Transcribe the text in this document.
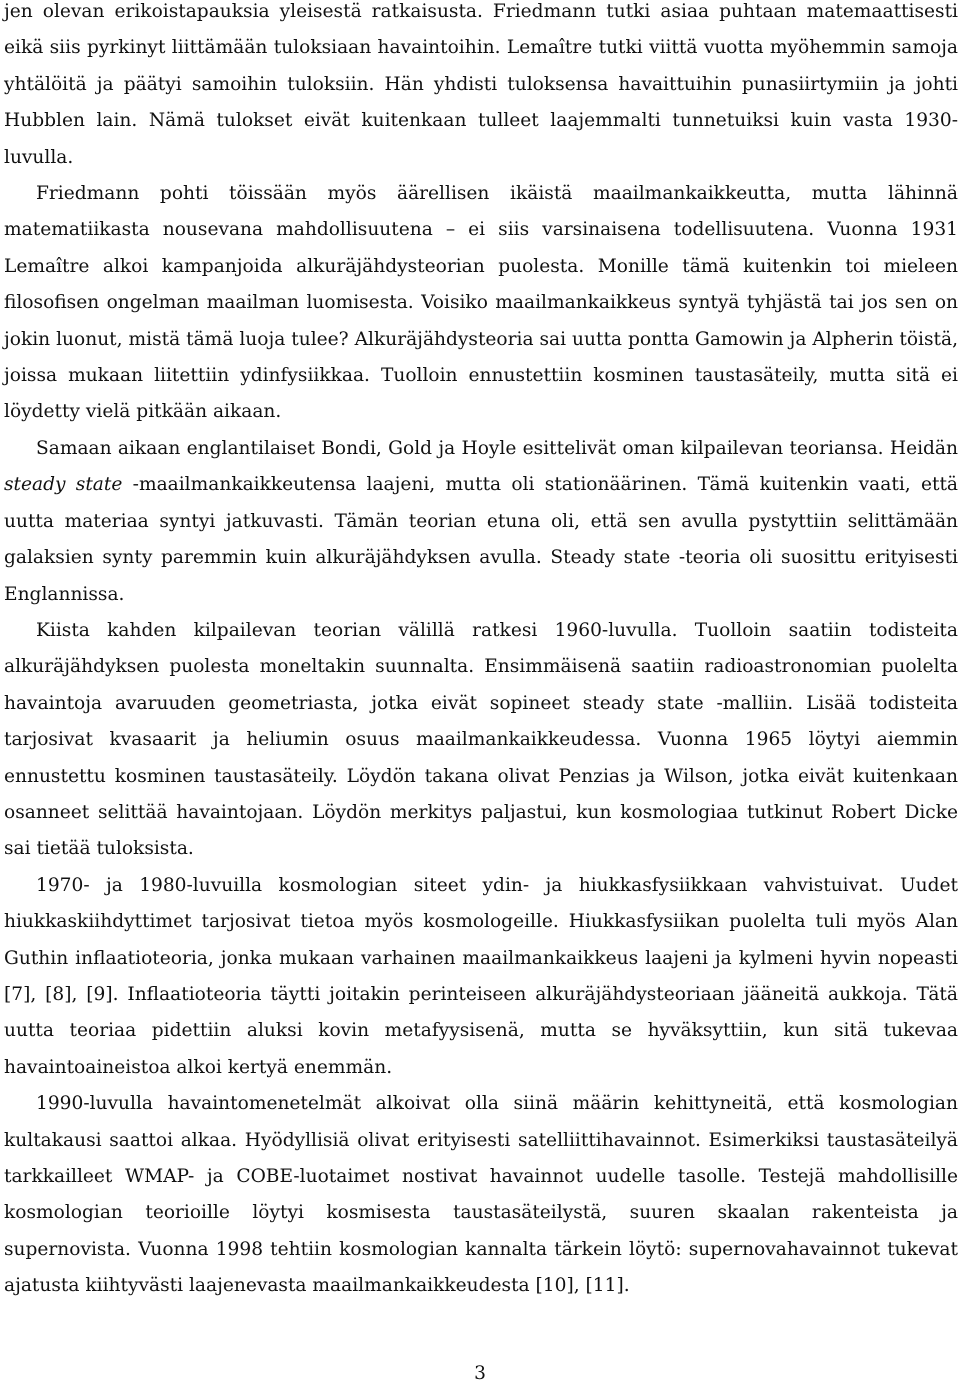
jen olevan erikoistapauksia yleisestä ratkaisusta. Friedmann tutki asiaa puhtaan matemaattisesti eikä siis pyrkinyt liittämään tuloksiaan havaintoihin. Lemaître tutki viittä vuotta myöhemmin samoja yhtälöitä ja päätyi samoihin tuloksiin. Hän yhdisti tuloksensa havaittuihin punasiirtymiin ja johti Hubblen lain. Nämä tulokset eivät kuitenkaan tulleet laajemmalti tunnetuiksi kuin vasta 1930-luvulla.

Friedmann pohti töissään myös äärellisen ikäistä maailmankaikkeutta, mutta lähinnä matematiikasta nousevana mahdollisuutena – ei siis varsinaisena todellisuutena. Vuonna 1931 Lemaître alkoi kampanjoida alkuräjähdysteorian puolesta. Monille tämä kuitenkin toi mieleen filosofisen ongelman maailman luomisesta. Voisiko maailmankaikkeus syntyä tyhjästä tai jos sen on jokin luonut, mistä tämä luoja tulee? Alkuräjähdysteoria sai uutta pontta Gamowin ja Alpherin töistä, joissa mukaan liitettiin ydinfysiikkaa. Tuolloin ennustettiin kosminen taustasäteily, mutta sitä ei löydetty vielä pitkään aikaan.

Samaan aikaan englantilaiset Bondi, Gold ja Hoyle esittelivät oman kilpailevan teoriansa. Heidän steady state -maailmankaikkeutensa laajeni, mutta oli stationäärinen. Tämä kuitenkin vaati, että uutta materiaa syntyi jatkuvasti. Tämän teorian etuna oli, että sen avulla pystyttiin selittämään galaksien synty paremmin kuin alkuräjähdyksen avulla. Steady state -teoria oli suosittu erityisesti Englannissa.

Kiista kahden kilpailevan teorian välillä ratkesi 1960-luvulla. Tuolloin saatiin todisteita alkuräjähdyksen puolesta moneltakin suunnalta. Ensimmäisenä saatiin radioastronomian puolelta havaintoja avaruuden geometriasta, jotka eivät sopineet steady state -malliin. Lisää todisteita tarjosivat kvasaarit ja heliumin osuus maailmankaikkeudessa. Vuonna 1965 löytyi aiemmin ennustettu kosminen taustasäteily. Löydön takana olivat Penzias ja Wilson, jotka eivät kuitenkaan osanneet selittää havaintojaan. Löydön merkitys paljastui, kun kosmologiaa tutkinut Robert Dicke sai tietää tuloksista.

1970- ja 1980-luvuilla kosmologian siteet ydin- ja hiukkasfysiikkaan vahvistuivat. Uudet hiukkaskiihdyttimet tarjosivat tietoa myös kosmologeille. Hiukkasfysiikan puolelta tuli myös Alan Guthin inflaatioteoria, jonka mukaan varhainen maailmankaikkeus laajeni ja kylmeni hyvin nopeasti [7], [8], [9]. Inflaatioteoria täytti joitakin perinteiseen alkuräjähdysteoriaan jääneitä aukkoja. Tätä uutta teoriaa pidettiin aluksi kovin metafyysisenä, mutta se hyväksyttiin, kun sitä tukevaa havaintoaineistoa alkoi kertyä enemmän.

1990-luvulla havaintomenetelmät alkoivat olla siinä määrin kehittyneitä, että kosmologian kultakausi saattoi alkaa. Hyödyllisiä olivat erityisesti satelliittihavainnot. Esimerkiksi taustasäteilyä tarkkailleet WMAP- ja COBE-luotaimet nostivat havainnot uudelle tasolle. Testejä mahdollisille kosmologian teorioille löytyi kosmisesta taustasäteilystä, suuren skaalan rakenteista ja supernovista. Vuonna 1998 tehtiin kosmologian kannalta tärkein löytö: supernovahavainnot tukevat ajatusta kiihtyvästi laajenevasta maailmankaikkeudesta [10], [11].

3
